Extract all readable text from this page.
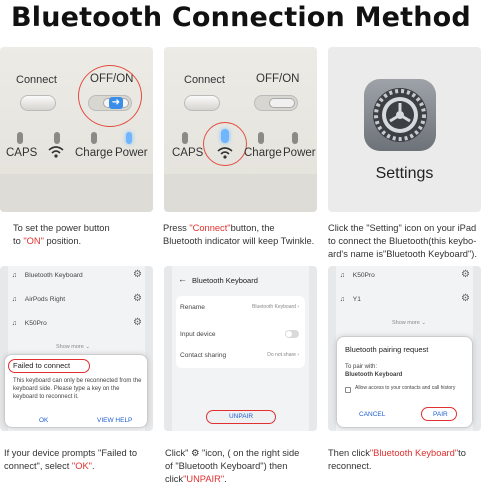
Bluetooth Connection Method
Connect	OFF/ON
➜
CAPS	Charge Power
To set the power button
to "ON" position.
Connect	OFF/ON
CAPS	Charge Power
Press "Connect"button, the
Bluetooth indicator will keep Twinkle.
Settings
Click the "Setting" icon on your iPad
to connect the Bluetooth(this keybo-
ard's name is"Bluetooth Keyboard").
♫ Bluetooth Keyboard	⚙
♫ AirPods Right	⚙
♫ K50Pro	⚙
Show more ⌄
Failed to connect
This keyboard can only be reconnected from the keyboard side. Please type a key on the keyboard to reconnect it.
OK	VIEW HELP
If your device prompts "Failed to
connect", select "OK".
← Bluetooth Keyboard
Rename	Bluetooth Keyboard ›
Input device
Contact sharing	Do not share ›
UNPAIR
Click" ⚙ "icon, ( on the right side
of "Bluetooth Keyboard") then
click"UNPAIR".
♫ K50Pro	⚙
♫ Y1	⚙
Show more ⌄
Bluetooth pairing request
To pair with:
Bluetooth Keyboard
Allow access to your contacts and call history
CANCEL	PAIR
Then click"Bluetooth Keyboard"to
reconnect.
